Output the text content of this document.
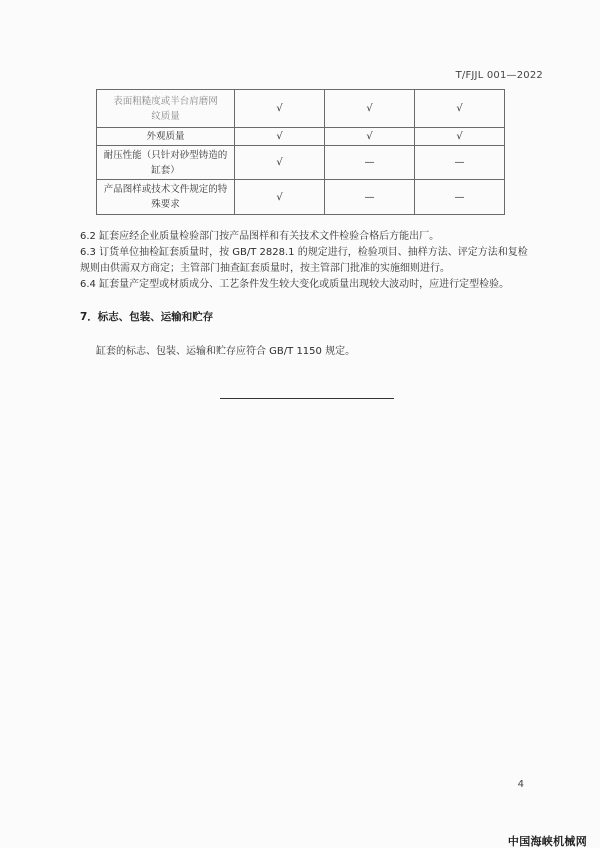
T/FJJL 001—2022
表面粗糙度或半台肩磨网纹质量	√	√	√
外观质量	√	√	√
耐压性能（只针对砂型铸造的缸套）	√	—	—
产品图样或技术文件规定的特殊要求	√	—	—

6.2 缸套应经企业质量检验部门按产品图样和有关技术文件检验合格后方能出厂。

6.3 订货单位抽检缸套质量时，按 GB/T 2828.1 的规定进行，检验项目、抽样方法、评定方法和复检规则由供需双方商定；主管部门抽查缸套质量时，按主管部门批准的实施细则进行。

6.4 缸套量产定型或材质成分、工艺条件发生较大变化或质量出现较大波动时，应进行定型检验。

7．标志、包装、运输和贮存

缸套的标志、包装、运输和贮存应符合 GB/T 1150 规定。

4
中国海峡机械网
